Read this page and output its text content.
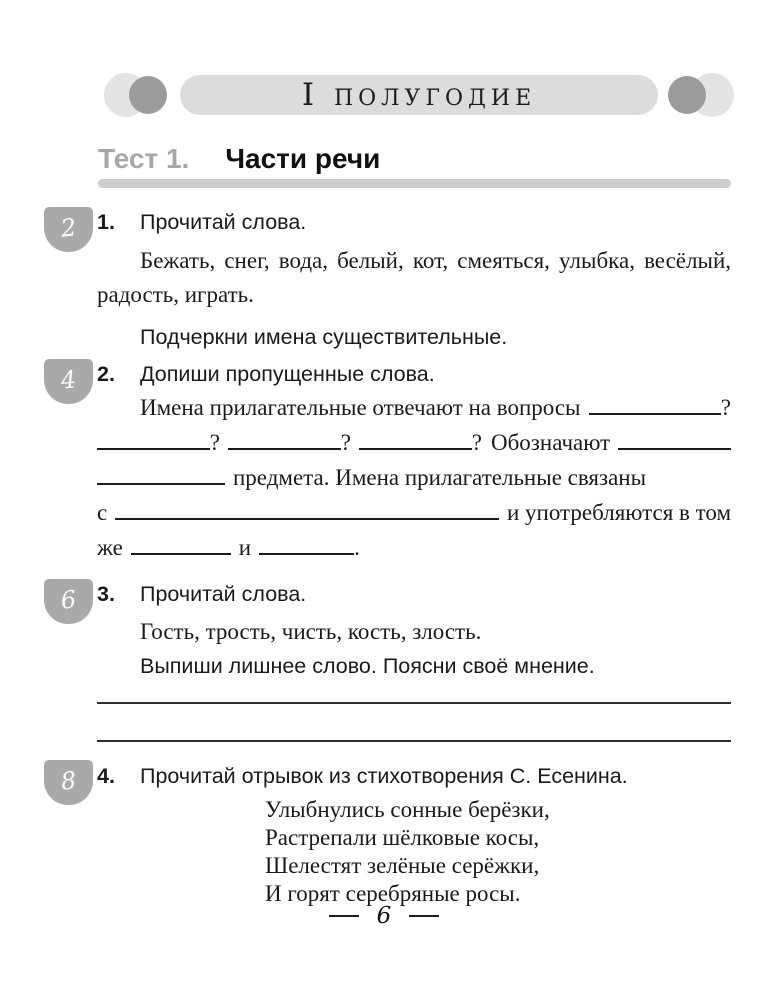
I полугодие
Тест 1. Части речи
2
4
6
8
1.	Прочитай слова.

Бежать, снег, вода, белый, кот, смеяться, улыбка, весёлый, радость, играть.

Подчеркни имена существительные.
2.	Допиши пропущенные слова.
Имена прилагательные отвечают на вопросы	?
?	?	? Обозначают
предмета. Имена прилагательные связаны
с	и употребляются в том
же	и	.
3.	Прочитай слова.

Гость, трость, чисть, кость, злость.

Выпиши лишнее слово. Поясни своё мнение.
4.	Прочитай отрывок из стихотворения С. Есенина.
Улыбнулись сонные берёзки,
Растрепали шёлковые косы,
Шелестят зелёные серёжки,
И горят серебряные росы.
6
